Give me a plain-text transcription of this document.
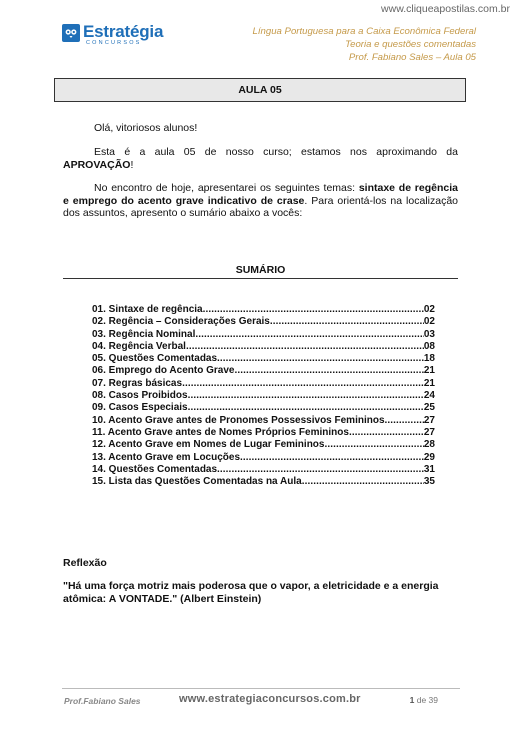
www.cliqueapostilas.com.br
Estratégia
CONCURSOS
Língua Portuguesa para a Caixa Econômica Federal
Teoria e questões comentadas
Prof. Fabiano Sales – Aula 05
AULA 05
Olá, vitoriosos alunos!
Esta é a aula 05 de nosso curso; estamos nos aproximando da APROVAÇÃO!
No encontro de hoje, apresentarei os seguintes temas: sintaxe de regência e emprego do acento grave indicativo de crase. Para orientá-los na localização dos assuntos, apresento o sumário abaixo a vocês:
SUMÁRIO
01. Sintaxe de regência .....	02
02. Regência – Considerações Gerais .....	02
03. Regência Nominal .....	03
04. Regência Verbal .....	08
05. Questões Comentadas .....	18
06. Emprego do Acento Grave .....	21
07. Regras básicas .....	21
08. Casos Proibidos .....	24
09. Casos Especiais .....	25
10. Acento Grave antes de Pronomes Possessivos Femininos .....	27
11. Acento Grave antes de Nomes Próprios Femininos .....	27
12. Acento Grave em Nomes de Lugar Femininos .....	28
13. Acento Grave em Locuções .....	29
14. Questões Comentadas .....	31
15. Lista das Questões Comentadas na Aula .....	35
Reflexão
"Há uma força motriz mais poderosa que o vapor, a eletricidade e a energia atômica: A VONTADE." (Albert Einstein)
Prof.Fabiano Sales	www.estrategiaconcursos.com.br	1 de 39
